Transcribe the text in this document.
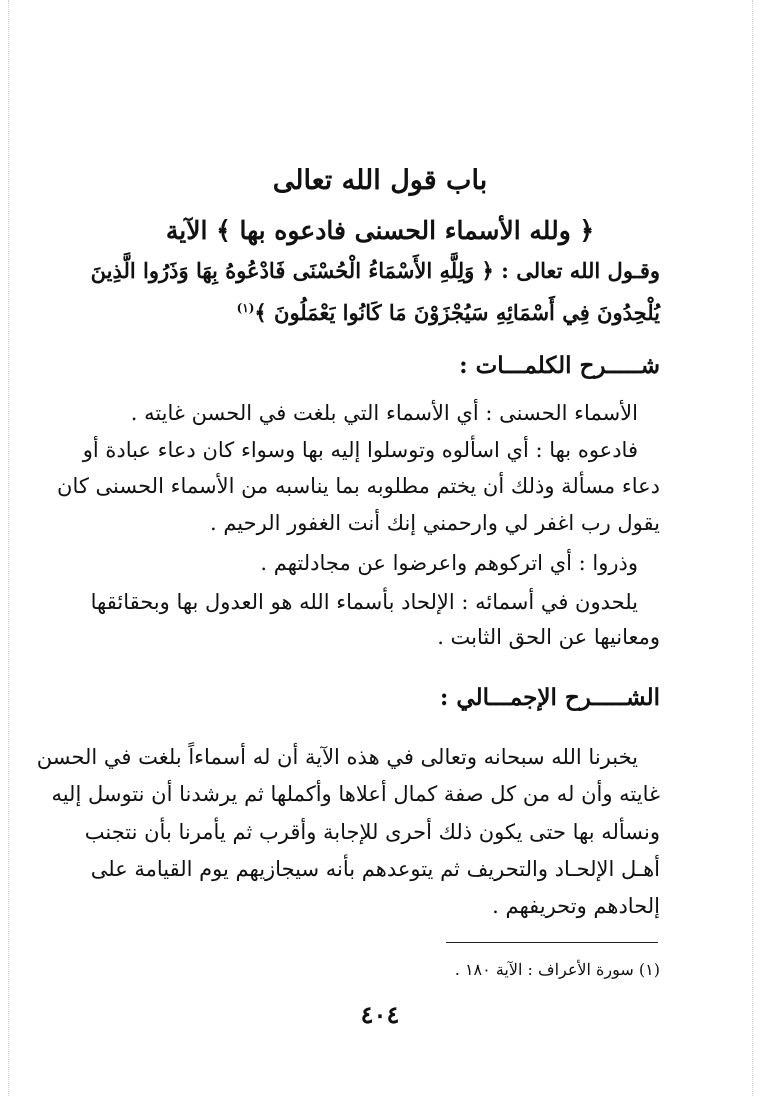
باب قول الله تعالى
﴿ ولله الأسماء الحسنى فادعوه بها ﴾ الآية
وقـول الله تعالى : ﴿ وَلِلَّهِ الأَسْمَاءُ الْحُسْنَى فَادْعُوهُ بِهَا وَذَرُوا الَّذِينَ
يُلْحِدُونَ فِي أَسْمَائِهِ سَيُجْزَوْنَ مَا كَانُوا يَعْمَلُونَ ﴾$^{(١)}$
شـــــرح الكلمـــات :
الأسماء الحسنى : أي الأسماء التي بلغت في الحسن غايته .
فادعوه بها : أي اسألوه وتوسلوا إليه بها وسواء كان دعاء عبادة أو
دعاء مسألة وذلك أن يختم مطلوبه بما يناسبه من الأسماء الحسنى كان
يقول رب اغفر لي وارحمني إنك أنت الغفور الرحيم .
وذروا : أي اتركوهم واعرضوا عن مجادلتهم .
يلحدون في أسمائه : الإلحاد بأسماء الله هو العدول بها وبحقائقها
ومعانيها عن الحق الثابت .
الشـــــرح الإجمـــالي :
يخبرنا الله سبحانه وتعالى في هذه الآية أن له أسماءاً بلغت في الحسن
غايته وأن له من كل صفة كمال أعلاها وأكملها ثم يرشدنا أن نتوسل إليه
ونسأله بها حتى يكون ذلك أحرى للإجابة وأقرب ثم يأمرنا بأن نتجنب
أهـل الإلحـاد والتحريف ثم يتوعدهم بأنه سيجازيهم يوم القيامة على
إلحادهم وتحريفهم .
(١) سورة الأعراف : الآية ١٨٠ .
٤٠٤
